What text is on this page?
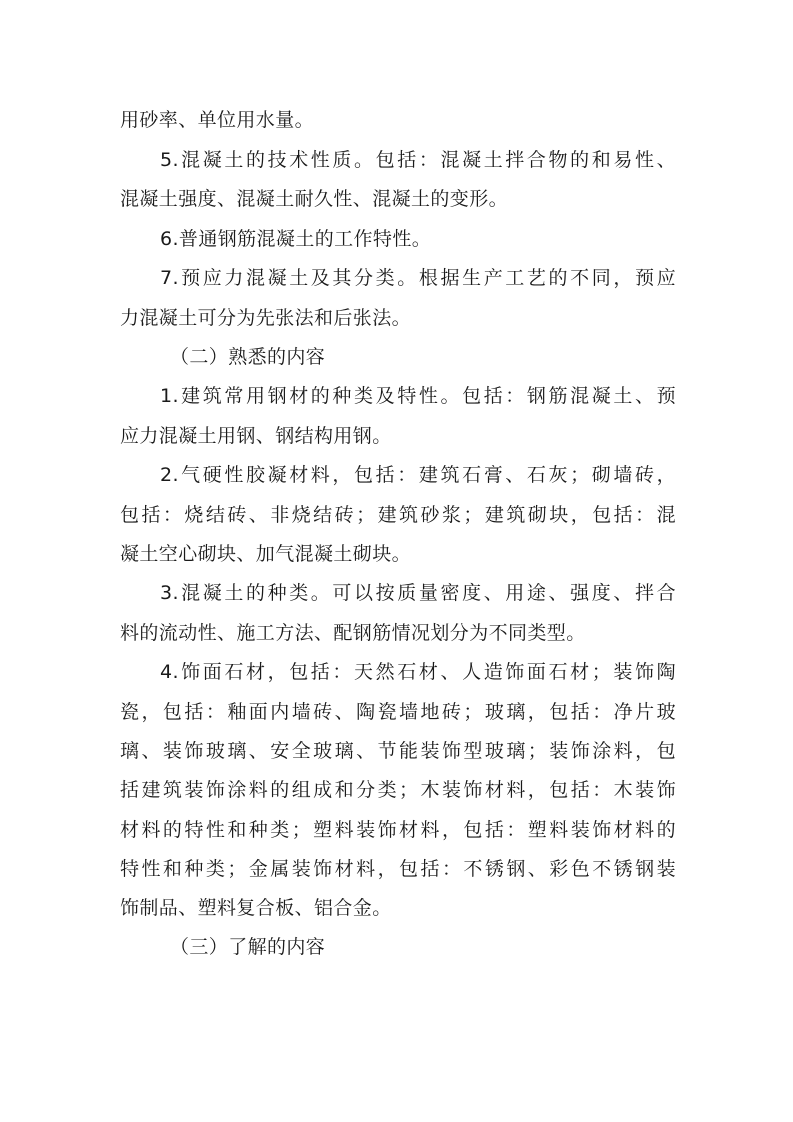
用砂率、单位用水量。
5.混凝土的技术性质。包括：混凝土拌合物的和易性、
混凝土强度、混凝土耐久性、混凝土的变形。
6.普通钢筋混凝土的工作特性。
7.预应力混凝土及其分类。根据生产工艺的不同，预应
力混凝土可分为先张法和后张法。
（二）熟悉的内容
1.建筑常用钢材的种类及特性。包括：钢筋混凝土、预
应力混凝土用钢、钢结构用钢。
2.气硬性胶凝材料，包括：建筑石膏、石灰；砌墙砖，
包括：烧结砖、非烧结砖；建筑砂浆；建筑砌块，包括：混
凝土空心砌块、加气混凝土砌块。
3.混凝土的种类。可以按质量密度、用途、强度、拌合
料的流动性、施工方法、配钢筋情况划分为不同类型。
4.饰面石材，包括：天然石材、人造饰面石材；装饰陶
瓷，包括：釉面内墙砖、陶瓷墙地砖；玻璃，包括：净片玻
璃、装饰玻璃、安全玻璃、节能装饰型玻璃；装饰涂料，包
括建筑装饰涂料的组成和分类；木装饰材料，包括：木装饰
材料的特性和种类；塑料装饰材料，包括：塑料装饰材料的
特性和种类；金属装饰材料，包括：不锈钢、彩色不锈钢装
饰制品、塑料复合板、铝合金。
（三）了解的内容
